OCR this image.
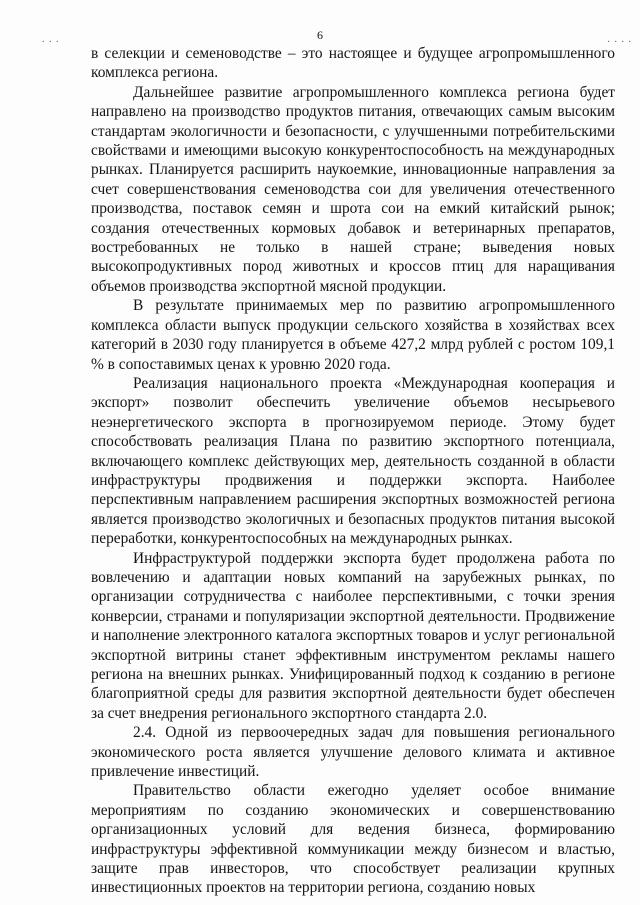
. . .	6	. . . .

в селекции и семеноводстве – это настоящее и будущее агропромышленного комплекса региона.

Дальнейшее развитие агропромышленного комплекса региона будет направлено на производство продуктов питания, отвечающих самым высоким стандартам экологичности и безопасности, с улучшенными потребительскими свойствами и имеющими высокую конкурентоспособность на международных рынках. Планируется расширить наукоемкие, инновационные направления за счет совершенствования семеноводства сои для увеличения отечественного производства, поставок семян и шрота сои на емкий китайский рынок; создания отечественных кормовых добавок и ветеринарных препаратов, востребованных не только в нашей стране; выведения новых высокопродуктивных пород животных и кроссов птиц для наращивания объемов производства экспортной мясной продукции.

В результате принимаемых мер по развитию агропромышленного комплекса области выпуск продукции сельского хозяйства в хозяйствах всех категорий в 2030 году планируется в объеме 427,2 млрд рублей с ростом 109,1 % в сопоставимых ценах к уровню 2020 года.

Реализация национального проекта «Международная кооперация и экспорт» позволит обеспечить увеличение объемов несырьевого неэнергетического экспорта в прогнозируемом периоде. Этому будет способствовать реализация Плана по развитию экспортного потенциала, включающего комплекс действующих мер, деятельность созданной в области инфраструктуры продвижения и поддержки экспорта. Наиболее перспективным направлением расширения экспортных возможностей региона является производство экологичных и безопасных продуктов питания высокой переработки, конкурентоспособных на международных рынках.

Инфраструктурой поддержки экспорта будет продолжена работа по вовлечению и адаптации новых компаний на зарубежных рынках, по организации сотрудничества с наиболее перспективными, с точки зрения конверсии, странами и популяризации экспортной деятельности. Продвижение и наполнение электронного каталога экспортных товаров и услуг региональной экспортной витрины станет эффективным инструментом рекламы нашего региона на внешних рынках. Унифицированный подход к созданию в регионе благоприятной среды для развития экспортной деятельности будет обеспечен за счет внедрения регионального экспортного стандарта 2.0.

2.4. Одной из первоочередных задач для повышения регионального экономического роста является улучшение делового климата и активное привлечение инвестиций.

Правительство области ежегодно уделяет особое внимание мероприятиям по созданию экономических и совершенствованию организационных условий для ведения бизнеса, формированию инфраструктуры эффективной коммуникации между бизнесом и властью, защите прав инвесторов, что способствует реализации крупных инвестиционных проектов на территории региона, созданию новых
